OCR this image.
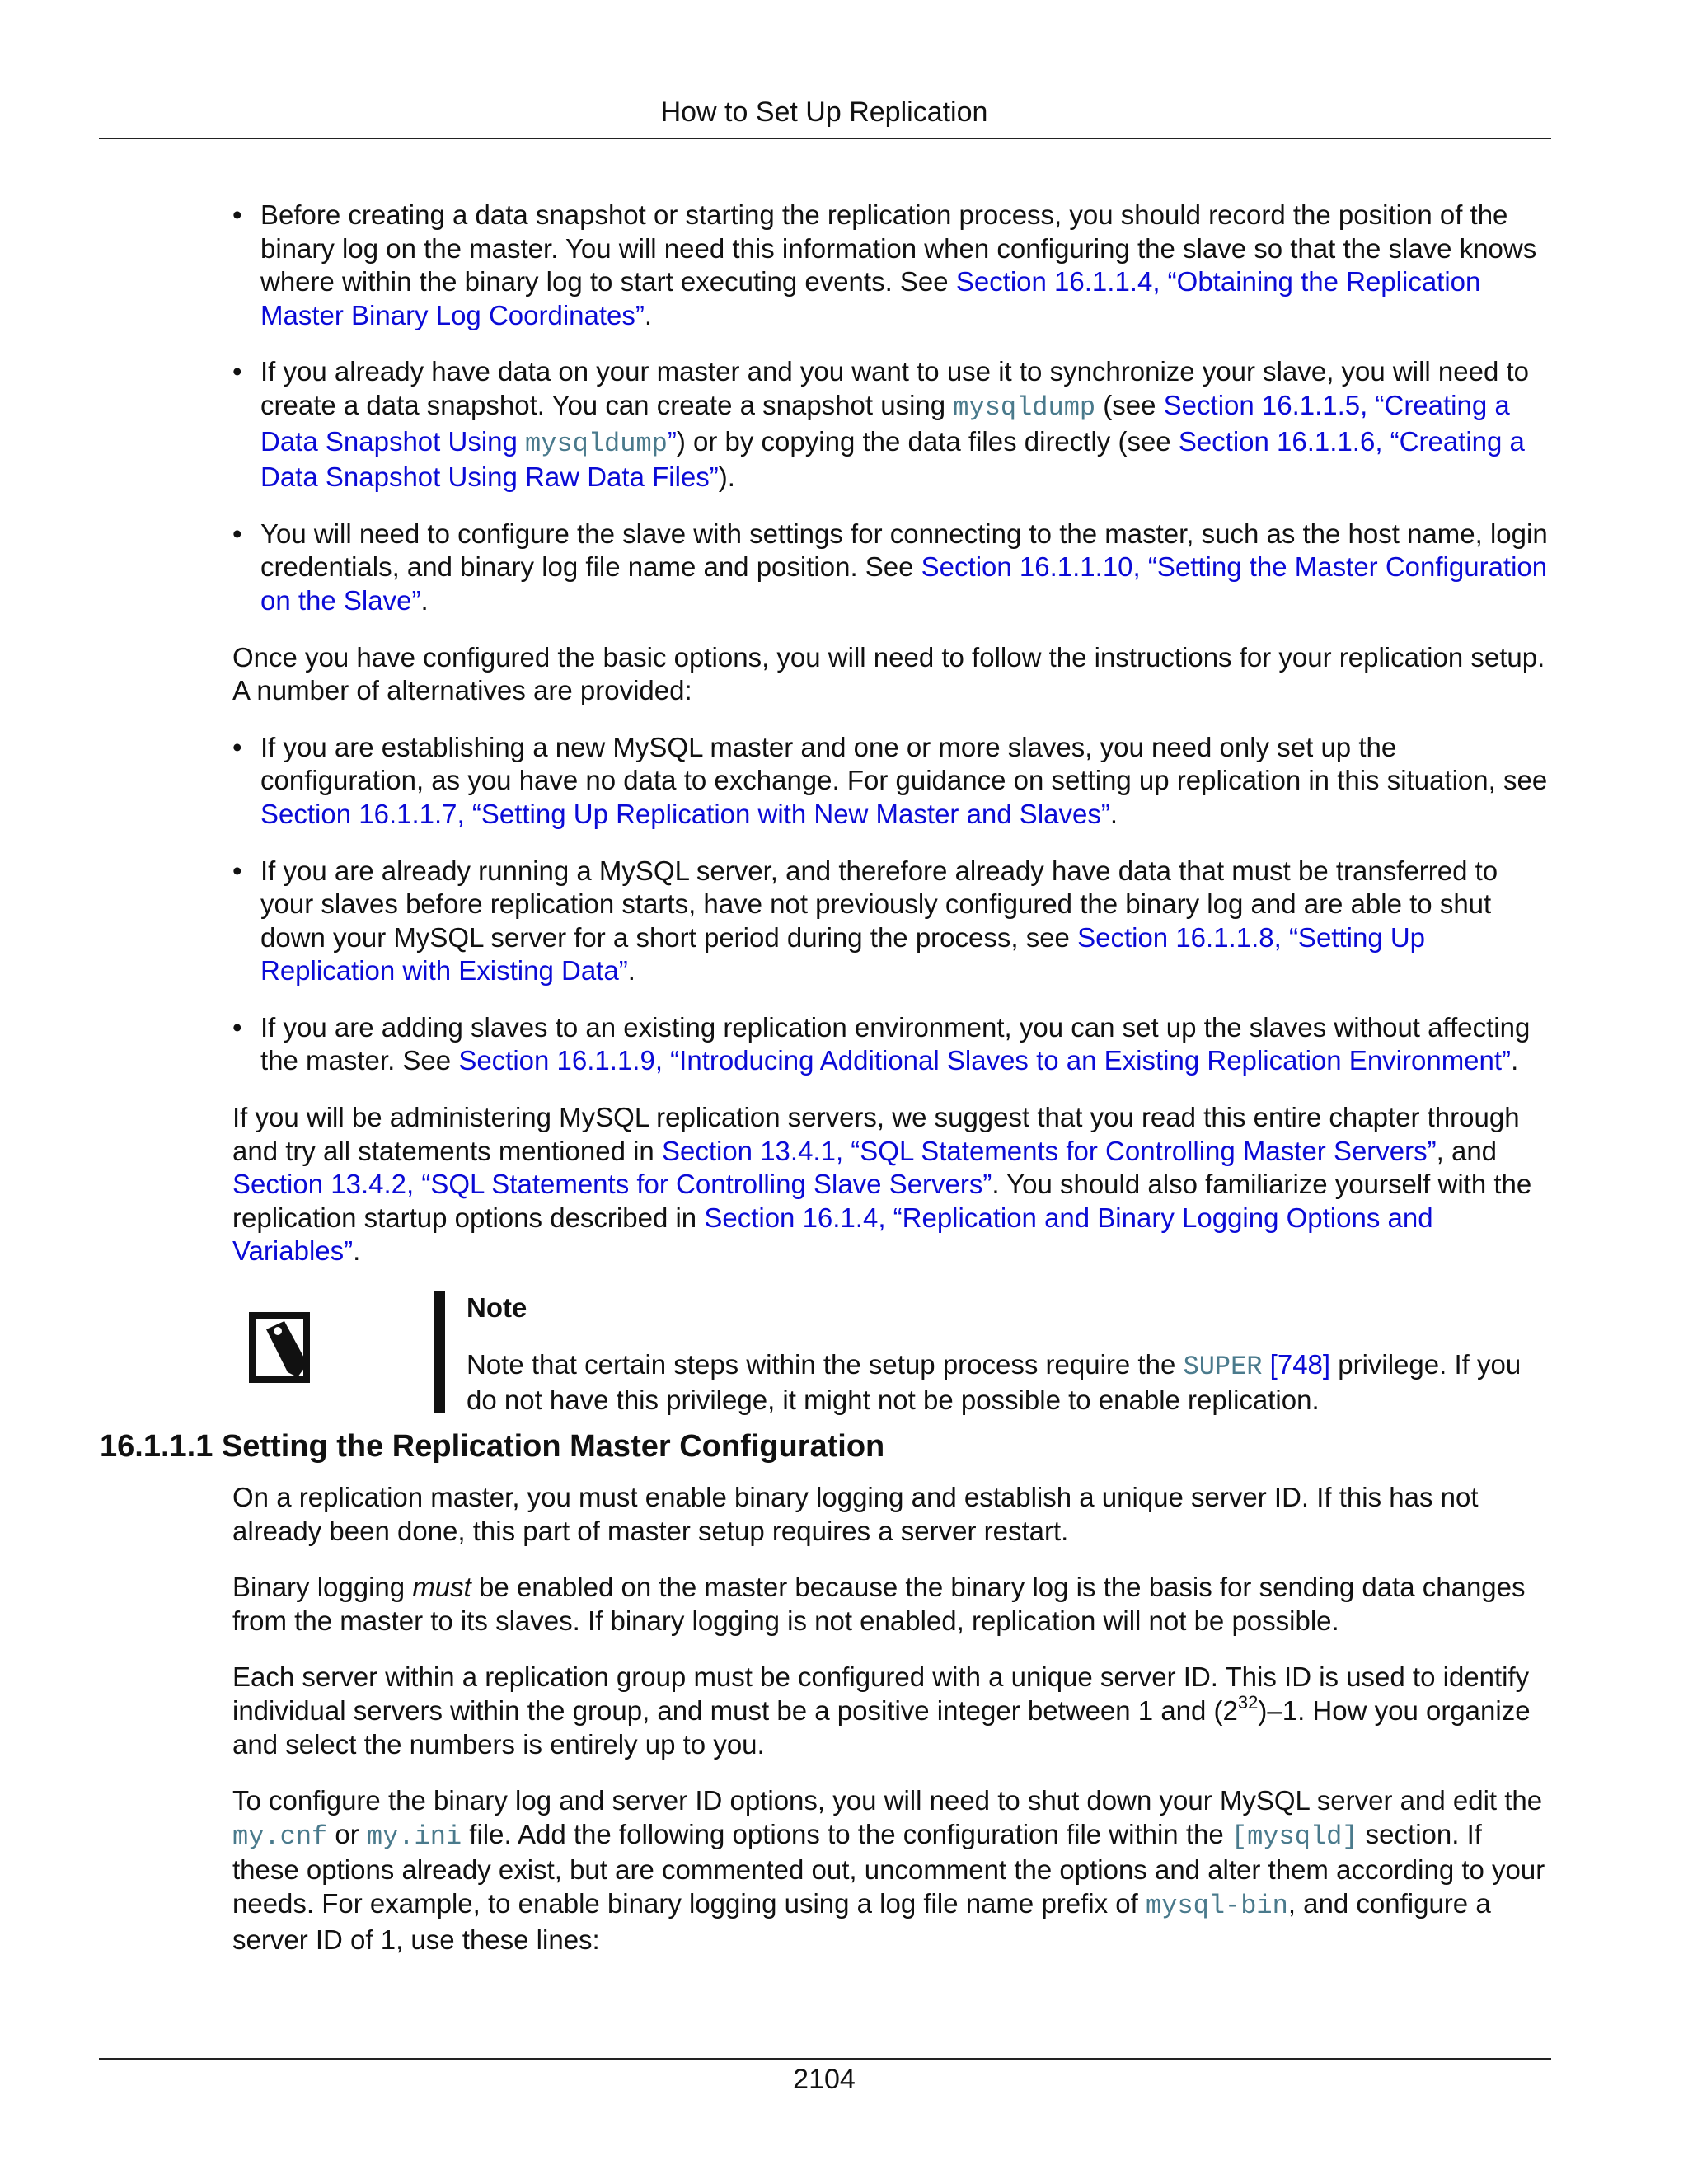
How to Set Up Replication
• Before creating a data snapshot or starting the replication process, you should record the position of the binary log on the master. You will need this information when configuring the slave so that the slave knows where within the binary log to start executing events. See Section 16.1.1.4, “Obtaining the Replication Master Binary Log Coordinates”.
• If you already have data on your master and you want to use it to synchronize your slave, you will need to create a data snapshot. You can create a snapshot using mysqldump (see Section 16.1.1.5, “Creating a Data Snapshot Using mysqldump”) or by copying the data files directly (see Section 16.1.1.6, “Creating a Data Snapshot Using Raw Data Files”).
• You will need to configure the slave with settings for connecting to the master, such as the host name, login credentials, and binary log file name and position. See Section 16.1.1.10, “Setting the Master Configuration on the Slave”.

Once you have configured the basic options, you will need to follow the instructions for your replication setup. A number of alternatives are provided:

• If you are establishing a new MySQL master and one or more slaves, you need only set up the configuration, as you have no data to exchange. For guidance on setting up replication in this situation, see Section 16.1.1.7, “Setting Up Replication with New Master and Slaves”.
• If you are already running a MySQL server, and therefore already have data that must be transferred to your slaves before replication starts, have not previously configured the binary log and are able to shut down your MySQL server for a short period during the process, see Section 16.1.1.8, “Setting Up Replication with Existing Data”.
• If you are adding slaves to an existing replication environment, you can set up the slaves without affecting the master. See Section 16.1.1.9, “Introducing Additional Slaves to an Existing Replication Environment”.

If you will be administering MySQL replication servers, we suggest that you read this entire chapter through and try all statements mentioned in Section 13.4.1, “SQL Statements for Controlling Master Servers”, and Section 13.4.2, “SQL Statements for Controlling Slave Servers”. You should also familiarize yourself with the replication startup options described in Section 16.1.4, “Replication and Binary Logging Options and Variables”.

Note

Note that certain steps within the setup process require the SUPER [748] privilege. If you do not have this privilege, it might not be possible to enable replication.

16.1.1.1 Setting the Replication Master Configuration

On a replication master, you must enable binary logging and establish a unique server ID. If this has not already been done, this part of master setup requires a server restart.

Binary logging must be enabled on the master because the binary log is the basis for sending data changes from the master to its slaves. If binary logging is not enabled, replication will not be possible.

Each server within a replication group must be configured with a unique server ID. This ID is used to identify individual servers within the group, and must be a positive integer between 1 and $(2^{32})-1$. How you organize and select the numbers is entirely up to you.

To configure the binary log and server ID options, you will need to shut down your MySQL server and edit the my.cnf or my.ini file. Add the following options to the configuration file within the [mysqld] section. If these options already exist, but are commented out, uncomment the options and alter them according to your needs. For example, to enable binary logging using a log file name prefix of mysql-bin, and configure a server ID of 1, use these lines:

2104
